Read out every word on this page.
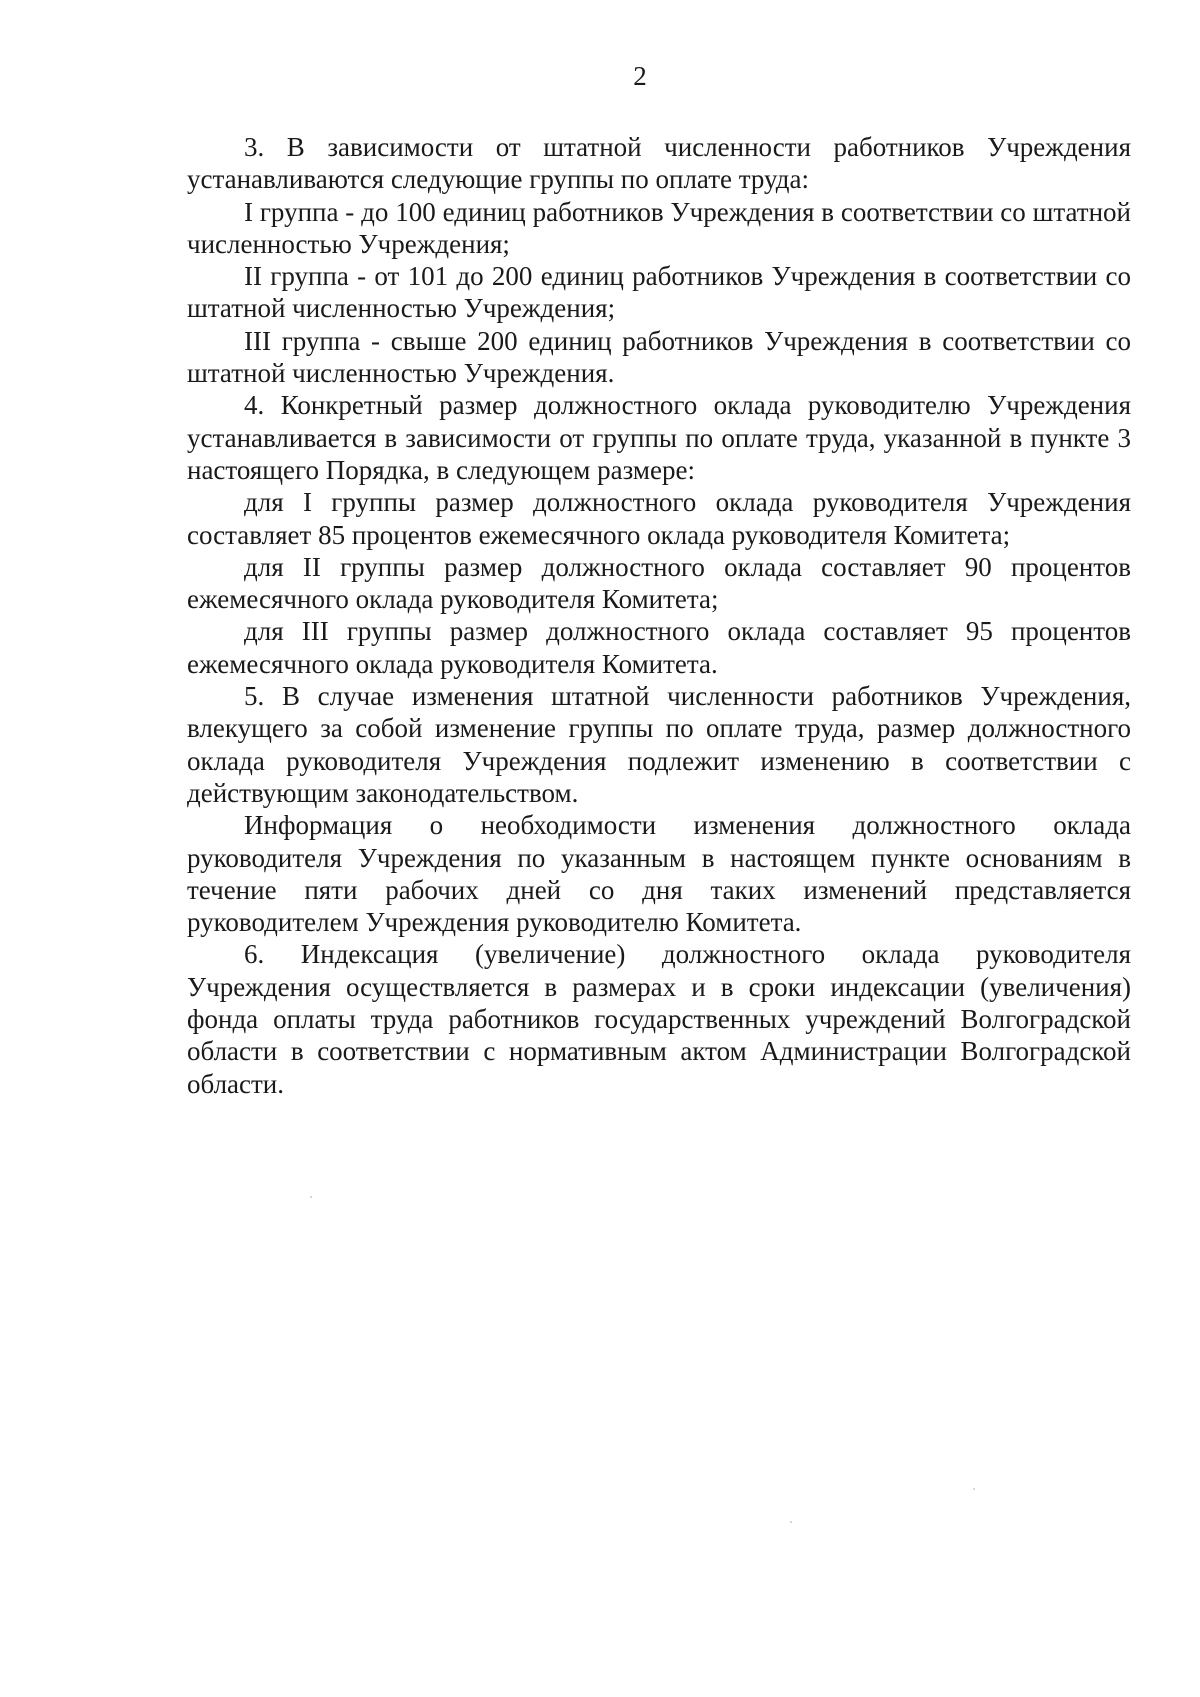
2

3. В зависимости от штатной численности работников Учреждения устанавливаются следующие группы по оплате труда:

I группа - до 100 единиц работников Учреждения в соответствии со штатной численностью Учреждения;

II группа - от 101 до 200 единиц работников Учреждения в соответствии со штатной численностью Учреждения;

III группа - свыше 200 единиц работников Учреждения в соответствии со штатной численностью Учреждения.

4. Конкретный размер должностного оклада руководителю Учреждения устанавливается в зависимости от группы по оплате труда, указанной в пункте 3 настоящего Порядка, в следующем размере:

для I группы размер должностного оклада руководителя Учреждения составляет 85 процентов ежемесячного оклада руководителя Комитета;

для II группы размер должностного оклада составляет 90 процентов ежемесячного оклада руководителя Комитета;

для III группы размер должностного оклада составляет 95 процентов ежемесячного оклада руководителя Комитета.

5. В случае изменения штатной численности работников Учреждения, влекущего за собой изменение группы по оплате труда, размер должностного оклада руководителя Учреждения подлежит изменению в соответствии с действующим законодательством.

Информация о необходимости изменения должностного оклада руководителя Учреждения по указанным в настоящем пункте основаниям в течение пяти рабочих дней со дня таких изменений представляется руководителем Учреждения руководителю Комитета.

6. Индексация (увеличение) должностного оклада руководителя Учреждения осуществляется в размерах и в сроки индексации (увеличения) фонда оплаты труда работников государственных учреждений Волгоградской области в соответствии с нормативным актом Администрации Волгоградской области.
